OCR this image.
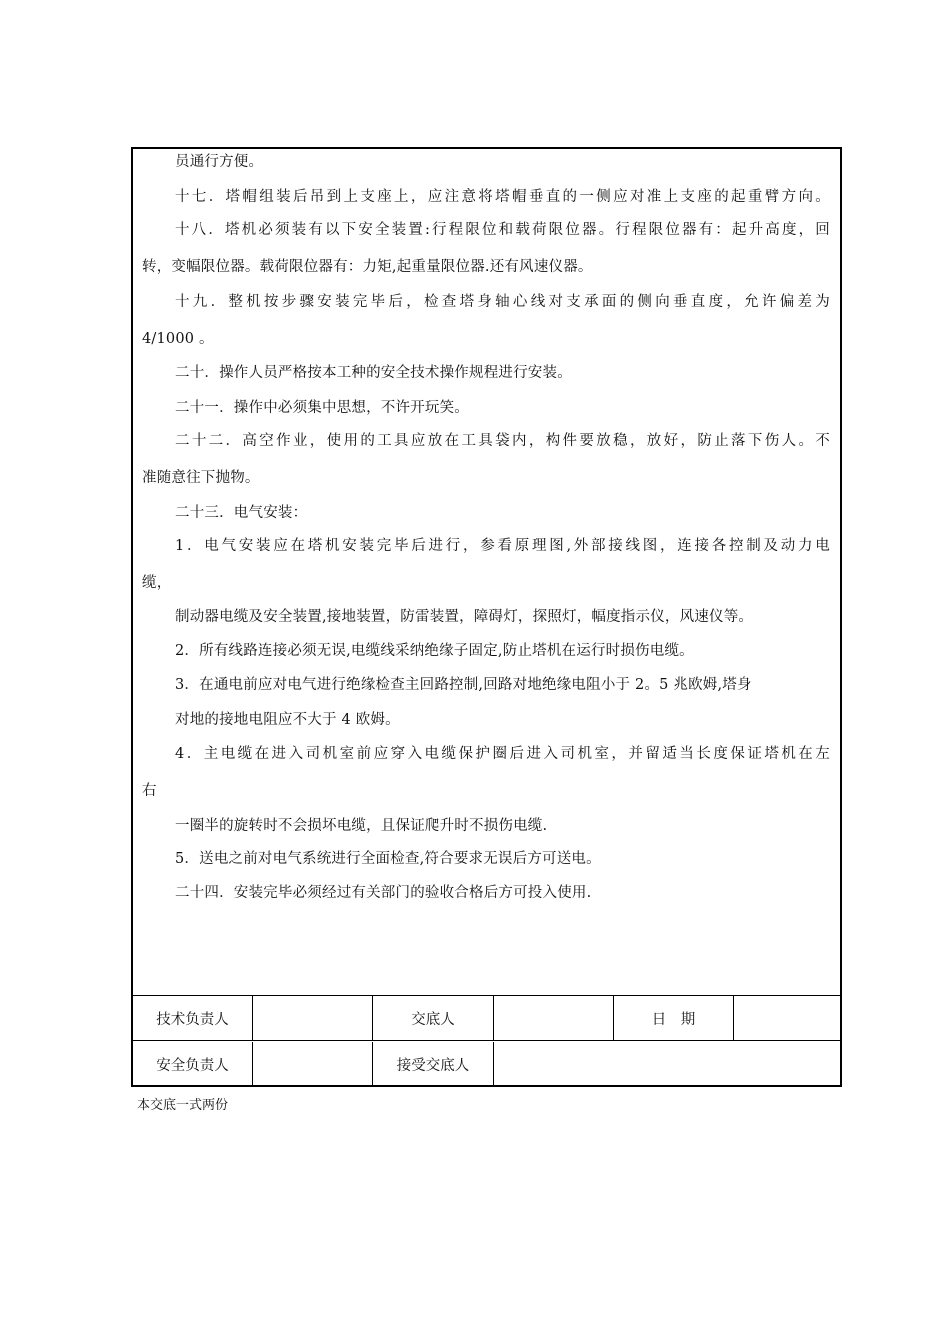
员通行方便。
十七．塔帽组装后吊到上支座上，应注意将塔帽垂直的一侧应对准上支座的起重臂方向。
十八．塔机必须装有以下安全装置:行程限位和载荷限位器。行程限位器有：起升高度，回
转，变幅限位器。载荷限位器有：力矩,起重量限位器.还有风速仪器。
十九．整机按步骤安装完毕后，检查塔身轴心线对支承面的侧向垂直度，允许偏差为
4/1000 。
二十．操作人员严格按本工种的安全技术操作规程进行安装。
二十一．操作中必须集中思想，不许开玩笑。
二十二．高空作业，使用的工具应放在工具袋内，构件要放稳，放好，防止落下伤人。不
准随意往下抛物。
二十三．电气安装：
1．电气安装应在塔机安装完毕后进行，参看原理图,外部接线图，连接各控制及动力电
缆，
制动器电缆及安全装置,接地装置，防雷装置，障碍灯，探照灯，幅度指示仪，风速仪等。
2．所有线路连接必须无误,电缆线采纳绝缘子固定,防止塔机在运行时损伤电缆。
3．在通电前应对电气进行绝缘检查主回路控制,回路对地绝缘电阻小于 2。5 兆欧姆,塔身
对地的接地电阻应不大于 4 欧姆。
4．主电缆在进入司机室前应穿入电缆保护圈后进入司机室，并留适当长度保证塔机在左
右
一圈半的旋转时不会损坏电缆，且保证爬升时不损伤电缆.
5．送电之前对电气系统进行全面检查,符合要求无误后方可送电。
二十四．安装完毕必须经过有关部门的验收合格后方可投入使用.
技术负责人	交底人	日　期
安全负责人	接受交底人
本交底一式两份
